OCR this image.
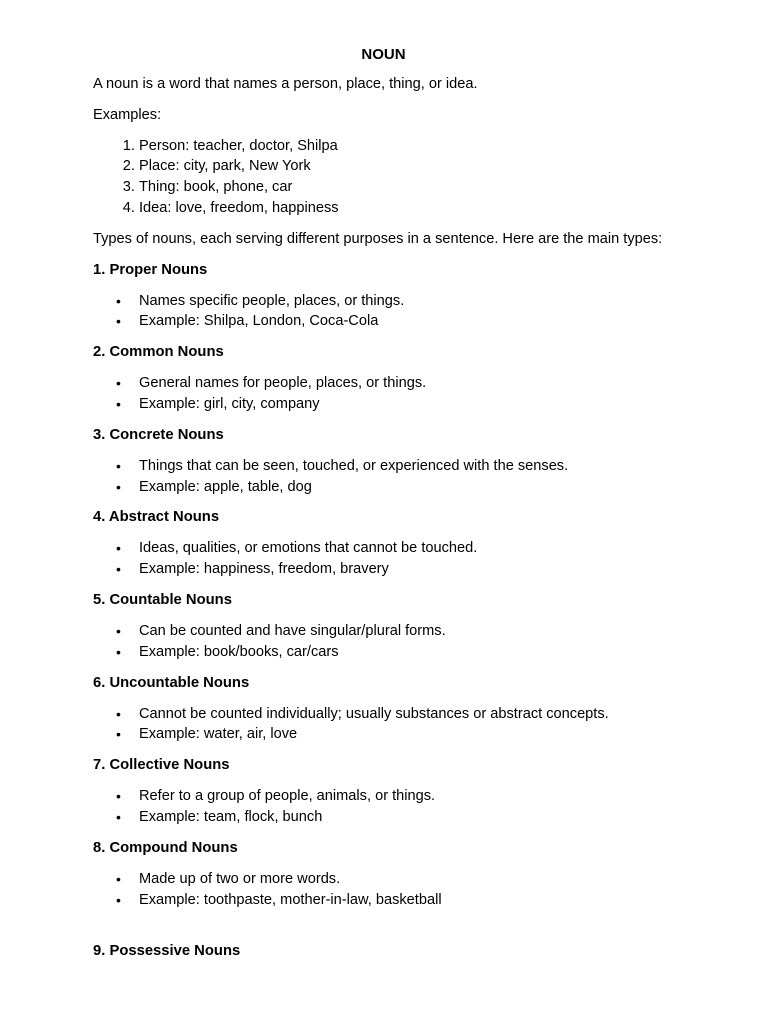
NOUN

A noun is a word that names a person, place, thing, or idea.

Examples:

1. Person: teacher, doctor, Shilpa
2. Place: city, park, New York
3. Thing: book, phone, car
4. Idea: love, freedom, happiness

Types of nouns, each serving different purposes in a sentence. Here are the main types:

1. Proper Nouns
• Names specific people, places, or things.
• Example: Shilpa, London, Coca-Cola
2. Common Nouns
• General names for people, places, or things.
• Example: girl, city, company
3. Concrete Nouns
• Things that can be seen, touched, or experienced with the senses.
• Example: apple, table, dog
4. Abstract Nouns
• Ideas, qualities, or emotions that cannot be touched.
• Example: happiness, freedom, bravery
5. Countable Nouns
• Can be counted and have singular/plural forms.
• Example: book/books, car/cars
6. Uncountable Nouns
• Cannot be counted individually; usually substances or abstract concepts.
• Example: water, air, love
7. Collective Nouns
• Refer to a group of people, animals, or things.
• Example: team, flock, bunch
8. Compound Nouns
• Made up of two or more words.
• Example: toothpaste, mother-in-law, basketball
9. Possessive Nouns
